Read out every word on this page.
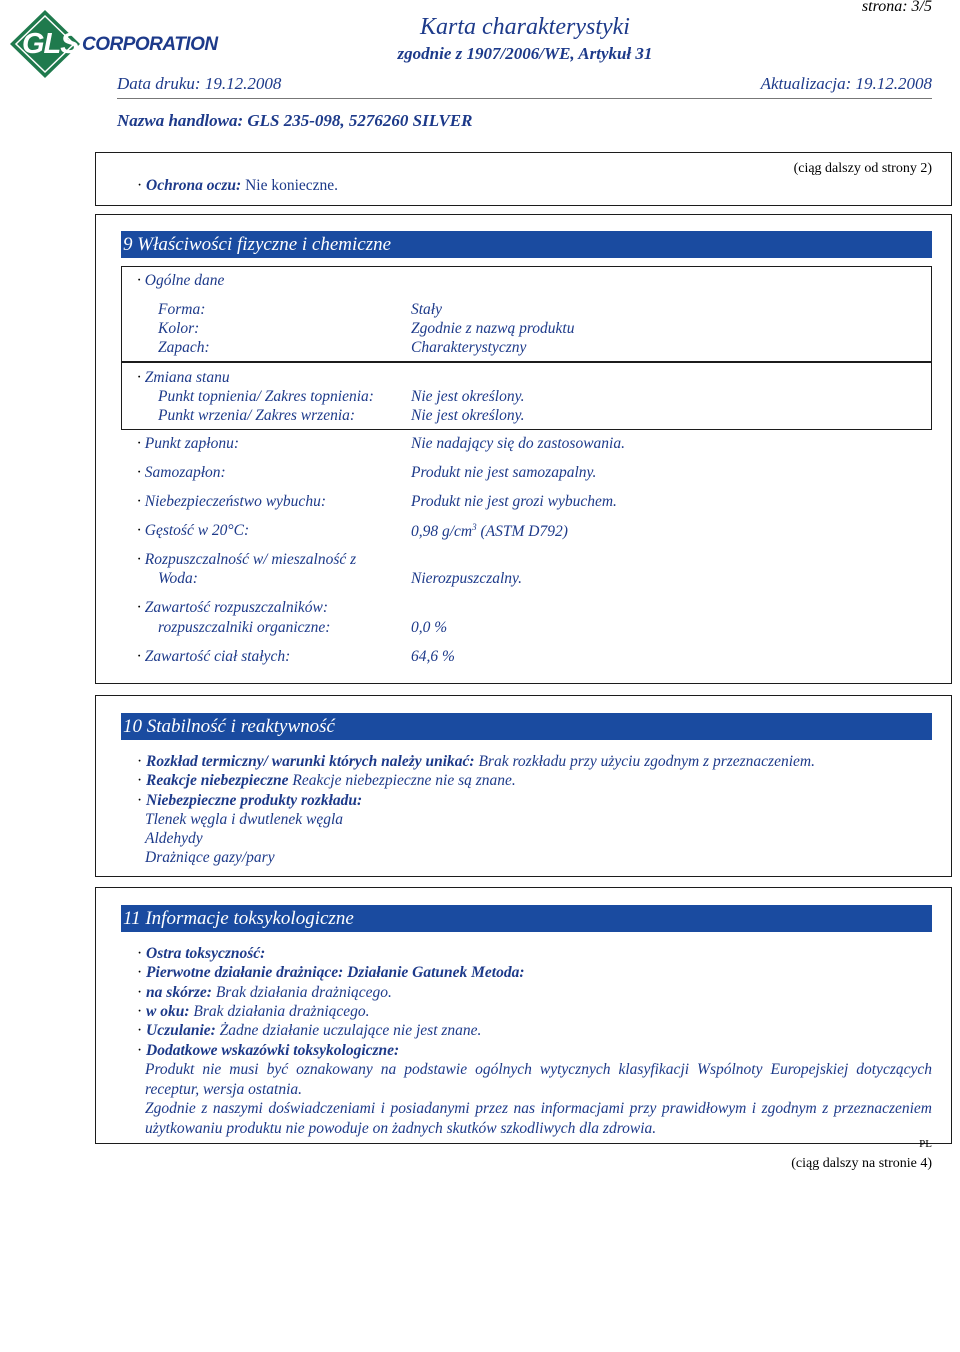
GLS CORPORATION
strona: 3/5
Karta charakterystyki
zgodnie z 1907/2006/WE, Artykuł 31
Data druku: 19.12.2008	Aktualizacja: 19.12.2008
Nazwa handlowa: GLS 235-098, 5276260 SILVER
· Ochrona oczu: Nie konieczne.
(ciąg dalszy od strony 2)
9 Właściwości fizyczne i chemiczne
· Ogólne dane
Forma:	Stały
Kolor:	Zgodnie z nazwą produktu
Zapach:	Charakterystyczny
· Zmiana stanu
Punkt topnienia/ Zakres topnienia: Nie jest określony.
Punkt wrzenia/ Zakres wrzenia:	Nie jest określony.
· Punkt zapłonu:	Nie nadający się do zastosowania.
· Samozapłon:	Produkt nie jest samozapalny.
· Niebezpieczeństwo wybuchu:	Produkt nie jest grozi wybuchem.
· Gęstość w 20°C:	0,98 $g/cm^3$ (ASTM D792)
· Rozpuszczalność w/ mieszalność z
Woda:	Nierozpuszczalny.
· Zawartość rozpuszczalników:
rozpuszczalniki organiczne:	0,0 %
· Zawartość ciał stałych:	64,6 %
10 Stabilność i reaktywność
· Rozkład termiczny/ warunki których należy unikać: Brak rozkładu przy użyciu zgodnym z przeznaczeniem.
· Reakcje niebezpieczne Reakcje niebezpieczne nie są znane.
· Niebezpieczne produkty rozkładu:
Tlenek węgla i dwutlenek węgla
Aldehydy
Drażniące gazy/pary
11 Informacje toksykologiczne
· Ostra toksyczność:
· Pierwotne działanie drażniące: Działanie Gatunek Metoda:
· na skórze: Brak działania drażniącego.
· w oku: Brak działania drażniącego.
· Uczulanie: Żadne działanie uczulające nie jest znane.
· Dodatkowe wskazówki toksykologiczne:
Produkt nie musi być oznakowany na podstawie ogólnych wytycznych klasyfikacji Wspólnoty Europejskiej dotyczących receptur, wersja ostatnia.
Zgodnie z naszymi doświadczeniami i posiadanymi przez nas informacjami przy prawidłowym i zgodnym z przeznaczeniem użytkowaniu produktu nie powoduje on żadnych skutków szkodliwych dla zdrowia.
PL
(ciąg dalszy na stronie 4)
